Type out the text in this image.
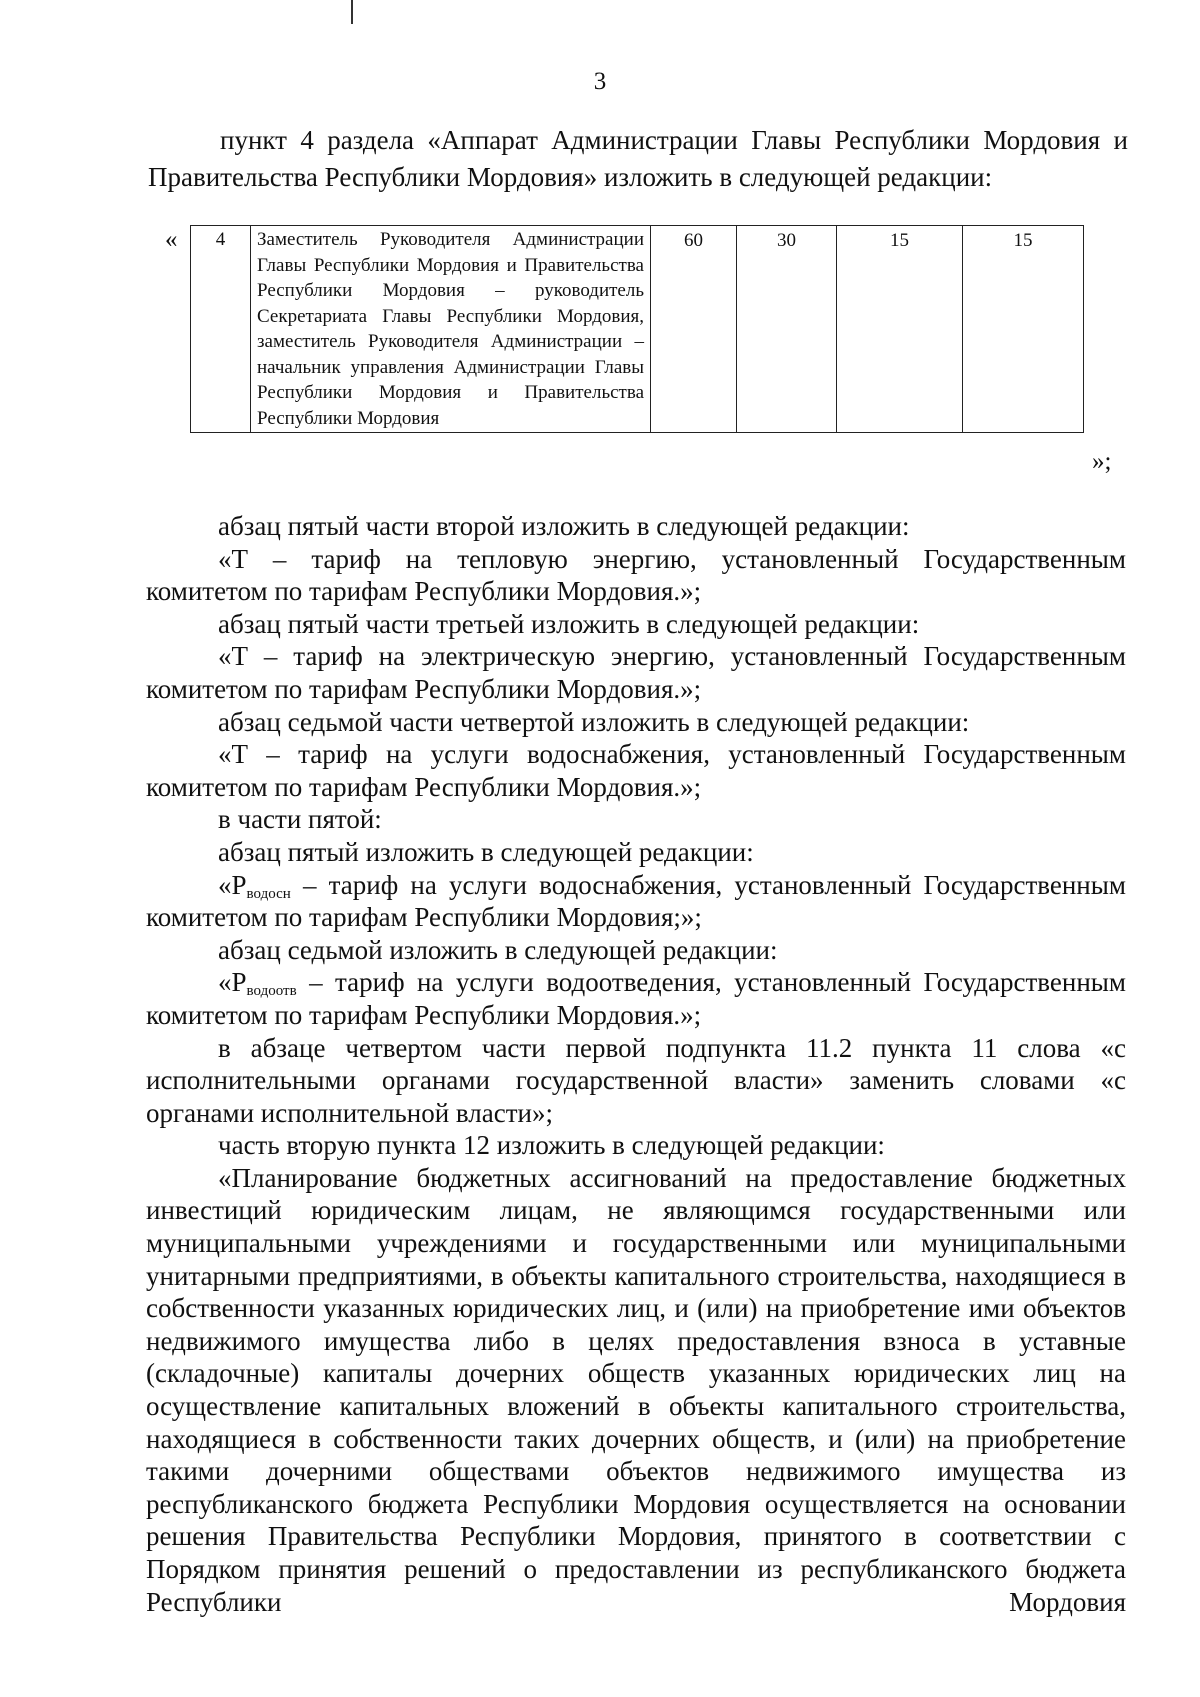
3

пункт 4 раздела «Аппарат Администрации Главы Республики Мордовия и

Правительства Республики Мордовия» изложить в следующей редакции:

«
»;
4	Заместитель Руководителя Администрации Главы Республики Мордовия и Правительства Республики Мордовия – руководитель Секретариата Главы Республики Мордовия, заместитель Руководителя Администрации – начальник управления Администрации Главы Республики Мордовия и Правительства Республики Мордовия	60	30	15	15

абзац пятый части второй изложить в следующей редакции:

«Т – тариф на тепловую энергию, установленный Государственным комитетом по тарифам Республики Мордовия.»;

абзац пятый части третьей изложить в следующей редакции:

«Т – тариф на электрическую энергию, установленный Государственным комитетом по тарифам Республики Мордовия.»;

абзац седьмой части четвертой изложить в следующей редакции:

«Т – тариф на услуги водоснабжения, установленный Государственным комитетом по тарифам Республики Мордовия.»;

в части пятой:

абзац пятый изложить в следующей редакции:

«$Р_{водосн}$ – тариф на услуги водоснабжения, установленный Государственным комитетом по тарифам Республики Мордовия;»;

абзац седьмой изложить в следующей редакции:

«$Р_{водоотв}$ – тариф на услуги водоотведения, установленный Государственным комитетом по тарифам Республики Мордовия.»;

в абзаце четвертом части первой подпункта 11.2 пункта 11 слова «с исполнительными органами государственной власти» заменить словами «с органами исполнительной власти»;

часть вторую пункта 12 изложить в следующей редакции:

«Планирование бюджетных ассигнований на предоставление бюджетных инвестиций юридическим лицам, не являющимся государственными или муниципальными учреждениями и государственными или муниципальными унитарными предприятиями, в объекты капитального строительства, находящиеся в собственности указанных юридических лиц, и (или) на приобретение ими объектов недвижимого имущества либо в целях предоставления взноса в уставные (складочные) капиталы дочерних обществ указанных юридических лиц на осуществление капитальных вложений в объекты капитального строительства, находящиеся в собственности таких дочерних обществ, и (или) на приобретение такими дочерними обществами объектов недвижимого имущества из республиканского бюджета Республики Мордовия осуществляется на основании решения Правительства Республики Мордовия, принятого в соответствии с Порядком принятия решений о предоставлении из республиканского бюджета Республики Мордовия
